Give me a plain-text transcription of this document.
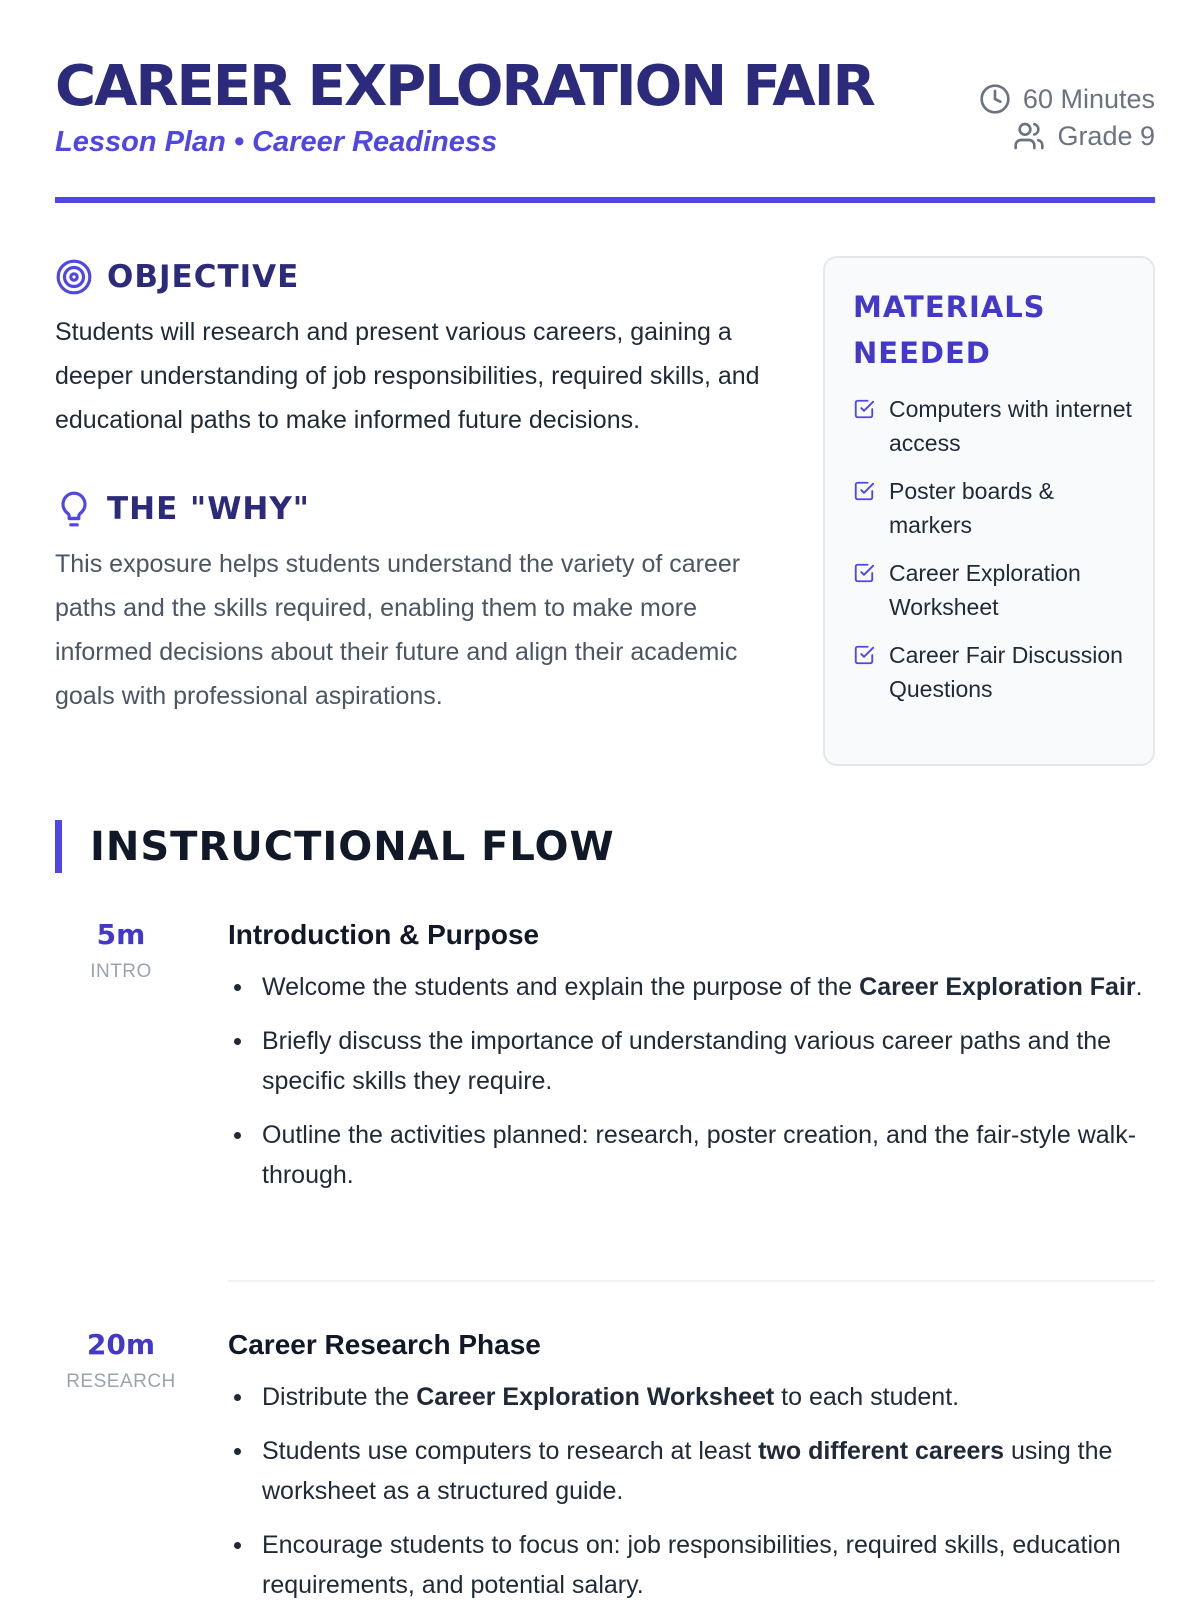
CAREER EXPLORATION FAIR
Lesson Plan • Career Readiness
60 Minutes
Grade 9
OBJECTIVE

Students will research and present various careers, gaining a deeper understanding of job responsibilities, required skills, and educational paths to make informed future decisions.

THE "WHY"

This exposure helps students understand the variety of career paths and the skills required, enabling them to make more informed decisions about their future and align their academic goals with professional aspirations.

MATERIALS NEEDED
Computers with internet access
Poster boards & markers
Career Exploration Worksheet
Career Fair Discussion Questions
INSTRUCTIONAL FLOW
5m
INTRO
Introduction & Purpose
Welcome the students and explain the purpose of the Career Exploration Fair.
Briefly discuss the importance of understanding various career paths and the specific skills they require.
Outline the activities planned: research, poster creation, and the fair-style walk-through.
20m
RESEARCH
Career Research Phase
Distribute the Career Exploration Worksheet to each student.
Students use computers to research at least two different careers using the worksheet as a structured guide.
Encourage students to focus on: job responsibilities, required skills, education requirements, and potential salary.
